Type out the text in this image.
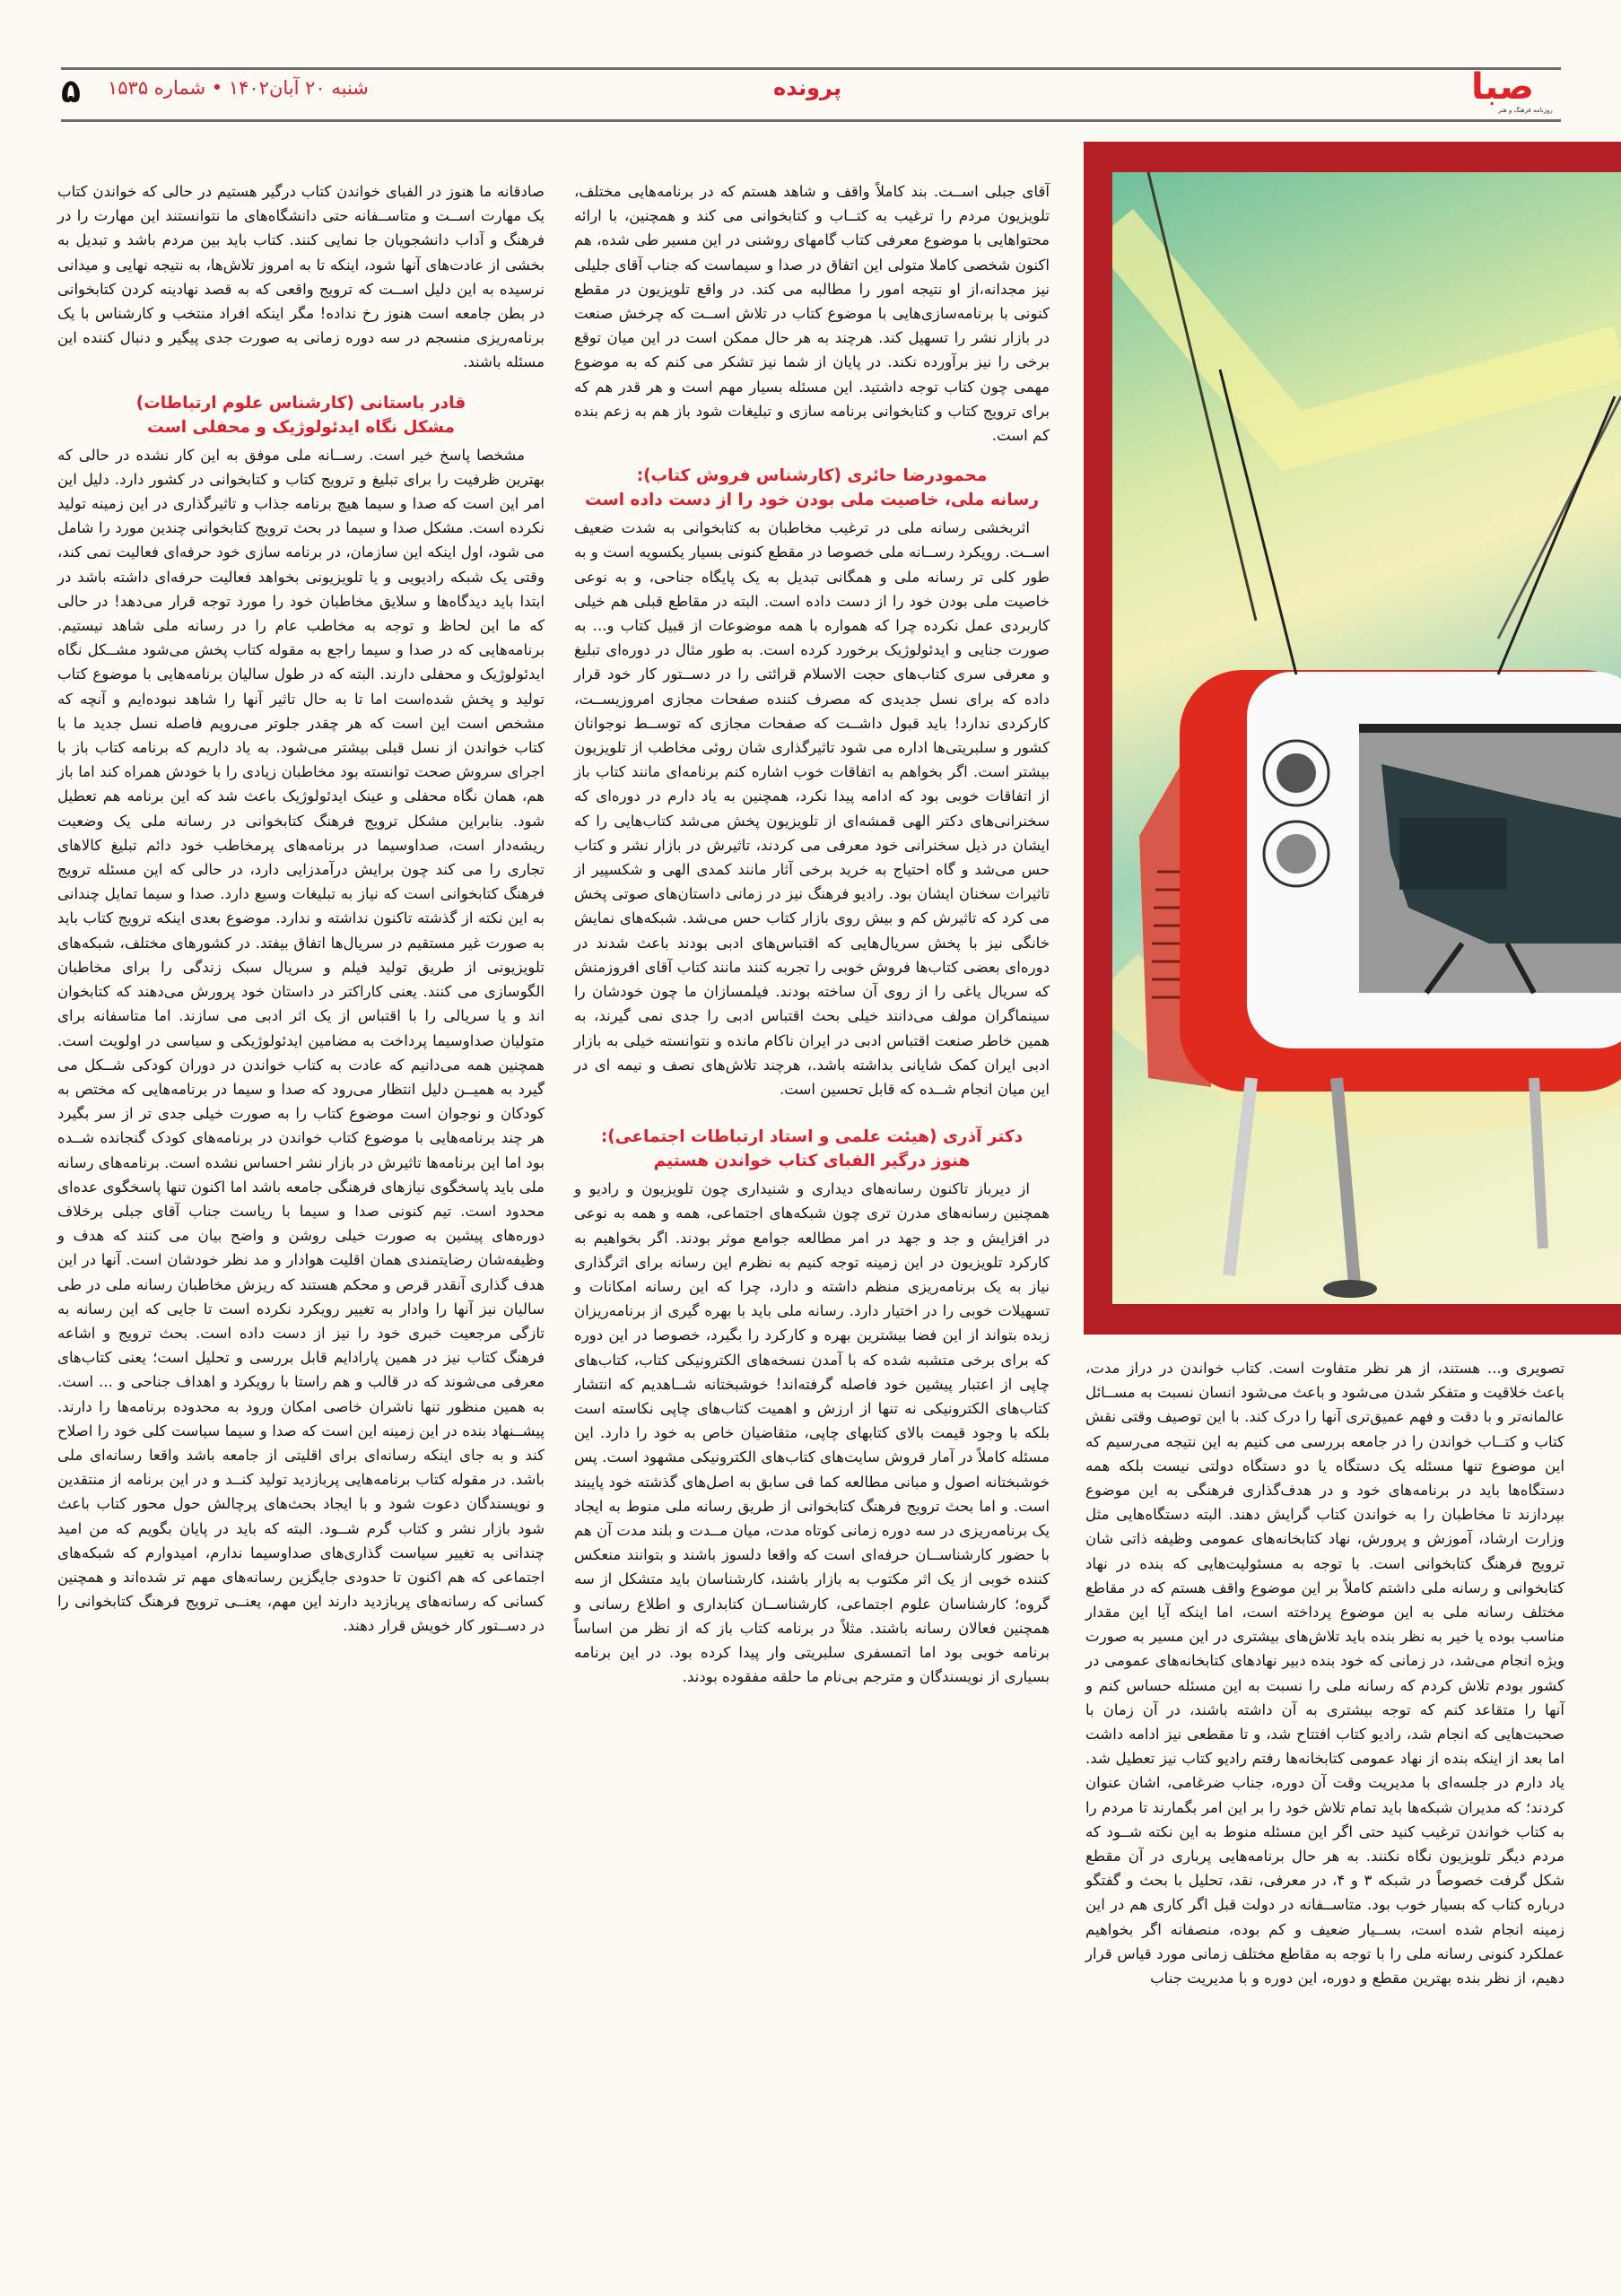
۵ شنبه ۲۰ آبان۱۴۰۲ • شماره ۱۵۳۵	پرونده	صبا
روزنامه فرهنگ و هنر

صادقانه ما هنوز در الفبای خواندن کتاب درگیر هستیم در حالی که خواندن کتاب یک مهارت اســت و متاســفانه حتی دانشگاه‌های ما نتوانستند این مهارت را در فرهنگ و آداب دانشجویان جا نمایی کنند. کتاب باید بین مردم باشد و تبدیل به بخشی از عادت‌های آنها شود، اینکه تا به امروز تلاش‌ها، به نتیجه نهایی و میدانی نرسیده به این دلیل اســت که ترویج واقعی که به قصد نهادینه کردن کتابخوانی در بطن جامعه است هنوز رخ نداده! مگر اینکه افراد منتخب و کارشناس با یک برنامه‌ریزی منسجم در سه دوره زمانی به صورت جدی پیگیر و دنبال کننده این مسئله باشند.

قادر باستانی (کارشناس علوم ارتباطات)
مشکل نگاه ایدئولوژیک و محفلی است

مشخصا پاسخ خیر است. رســانه ملی موفق به این کار نشده در حالی که بهترین ظرفیت را برای تبلیغ و ترویج کتاب و کتابخوانی در کشور دارد. دلیل این امر این است که صدا و سیما هیچ برنامه جذاب و تاثیرگذاری در این زمینه تولید نکرده است. مشکل صدا و سیما در بحث ترویج کتابخوانی چندین مورد را شامل می شود، اول اینکه این سازمان، در برنامه سازی خود حرفه‌ای فعالیت نمی کند، وقتی یک شبکه رادیویی و یا تلویزیونی بخواهد فعالیت حرفه‌ای داشته باشد در ابتدا باید دیدگاه‌ها و سلایق مخاطبان خود را مورد توجه قرار می‌دهد! در حالی که ما این لحاظ و توجه به مخاطب عام را در رسانه ملی شاهد نیستیم. برنامه‌هایی که در صدا و سیما راجع به مقوله کتاب پخش می‌شود مشــکل نگاه ایدئولوژیک و محفلی دارند. البته که در طول سالیان برنامه‌هایی با موضوع کتاب تولید و پخش شده‌است اما تا به حال تاثیر آنها را شاهد نبوده‌ایم و آنچه که مشخص است این است که هر چقدر جلوتر می‌رویم فاصله نسل جدید ما با کتاب خواندن از نسل قبلی بیشتر می‌شود. به یاد داریم که برنامه کتاب باز با اجرای سروش صحت توانسته بود مخاطبان زیادی را با خودش همراه کند اما باز هم، همان نگاه محفلی و عینک ایدئولوژیک باعث شد که این برنامه هم تعطیل شود. بنابراین مشکل ترویج فرهنگ کتابخوانی در رسانه ملی یک وضعیت ریشه‌دار است، صداوسیما در برنامه‌های پرمخاطب خود دائم تبلیغ کالاهای تجاری را می کند چون برایش درآمدزایی دارد، در حالی که این مسئله ترویج فرهنگ کتابخوانی است که نیاز به تبلیغات وسیع دارد. صدا و سیما تمایل چندانی به این نکته از گذشته تاکنون نداشته و ندارد. موضوع بعدی اینکه ترویج کتاب باید به صورت غیر مستقیم در سریال‌ها اتفاق بیفتد. در کشورهای مختلف، شبکه‌های تلویزیونی از طریق تولید فیلم و سریال سبک زندگی را برای مخاطبان الگوسازی می کنند. یعنی کاراکتر در داستان خود پرورش می‌دهند که کتابخوان اند و یا سریالی را با اقتباس از یک اثر ادبی می سازند. اما متاسفانه برای متولیان صداوسیما پرداخت به مضامین ایدئولوژیکی و سیاسی در اولویت است. همچنین همه می‌دانیم که عادت به کتاب خواندن در دوران کودکی شــکل می گیرد به همیــن دلیل انتظار می‌رود که صدا و سیما در برنامه‌هایی که مختص به کودکان و نوجوان است موضوع کتاب را به صورت خیلی جدی تر از سر بگیرد هر چند برنامه‌هایی با موضوع کتاب خواندن در برنامه‌های کودک گنجانده شــده بود اما این برنامه‌ها تاثیرش در بازار نشر احساس نشده است. برنامه‌های رسانه ملی باید پاسخگوی نیازهای فرهنگی جامعه باشد اما اکنون تنها پاسخگوی عده‌ای محدود است. تیم کنونی صدا و سیما با ریاست جناب آقای جبلی برخلاف دوره‌های پیشین به صورت خیلی روشن و واضح بیان می کنند که هدف و وظیفه‌شان رضایتمندی همان اقلیت هوادار و مد نظر خودشان است. آنها در این هدف گذاری آنقدر قرص و محکم هستند که ریزش مخاطبان رسانه ملی در طی سالیان نیز آنها را وادار به تغییر رویکرد نکرده است تا جایی که این رسانه به تازگی مرجعیت خبری خود را نیز از دست داده است. بحث ترویج و اشاعه فرهنگ کتاب نیز در همین پارادایم قابل بررسی و تحلیل است؛ یعنی کتاب‌های معرفی می‌شوند که در قالب و هم راستا با رویکرد و اهداف جناحی و ... است. به همین منظور تنها ناشران خاصی امکان ورود به محدوده برنامه‌ها را دارند. پیشــنهاد بنده در این زمینه این است که صدا و سیما سیاست کلی خود را اصلاح کند و به جای اینکه رسانه‌ای برای اقلیتی از جامعه باشد واقعا رسانه‌ای ملی باشد. در مقوله کتاب برنامه‌هایی پربازدید تولید کنــد و در این برنامه از منتقدین و نویسندگان دعوت شود و با ایجاد بحث‌های پرچالش حول محور کتاب باعث شود بازار نشر و کتاب گرم شــود. البته که باید در پایان بگویم که من امید چندانی به تغییر سیاست گذاری‌های صداوسیما ندارم، امیدوارم که شبکه‌های اجتماعی که هم اکنون تا حدودی جایگزین رسانه‌های مهم تر شده‌اند و همچنین کسانی که رسانه‌های پربازدید دارند این مهم، یعنــی ترویج فرهنگ کتابخوانی را در دســتور کار خویش قرار دهند.

آقای جبلی اســت. بند کاملاً واقف و شاهد هستم که در برنامه‌هایی مختلف، تلویزیون مردم را ترغیب به کتــاب و کتابخوانی می کند و همچنین، با ارائه محتواهایی با موضوع معرفی کتاب گامهای روشنی در این مسیر طی شده، هم اکنون شخصی کاملا متولی این اتفاق در صدا و سیماست که جناب آقای جلیلی نیز مجدانه،از او نتیجه امور را مطالبه می کند. در واقع تلویزیون در مقطع کنونی با برنامه‌سازی‌هایی با موضوع کتاب در تلاش اســت که چرخش صنعت در بازار نشر را تسهیل کند. هرچند به هر حال ممکن است در این میان توقع برخی را نیز برآورده نکند. در پایان از شما نیز تشکر می کنم که به موضوع مهمی چون کتاب توجه داشتید. این مسئله بسیار مهم است و هر قدر هم که برای ترویج کتاب و کتابخوانی برنامه سازی و تبلیغات شود باز هم به زعم بنده کم است.

محمودرضا حائری (کارشناس فروش کتاب):
رسانه ملی، خاصیت ملی بودن خود را از دست داده است

اثربخشی رسانه ملی در ترغیب مخاطبان به کتابخوانی به شدت ضعیف اســت. رویکرد رســانه ملی خصوصا در مقطع کنونی بسیار یکسویه است و به طور کلی تر رسانه ملی و همگانی تبدیل به یک پایگاه جناحی، و به نوعی خاصیت ملی بودن خود را از دست داده است. البته در مقاطع قبلی هم خیلی کاربردی عمل نکرده چرا که همواره با همه موضوعات از قبیل کتاب و... به صورت جنایی و ایدئولوژیک برخورد کرده است. به طور مثال در دوره‌ای تبلیغ و معرفی سری کتاب‌های حجت الاسلام قرائتی را در دســتور کار خود قرار داده که برای نسل جدیدی که مصرف کننده صفحات مجازی امروزیســت، کارکردی ندارد! باید قبول داشــت که صفحات مجازی که توســط نوجوانان کشور و سلبریتی‌ها اداره می شود تاثیرگذاری شان روئی مخاطب از تلویزیون بیشتر است. اگر بخواهم به اتفاقات خوب اشاره کنم برنامه‌ای مانند کتاب باز از اتفاقات خوبی بود که ادامه پیدا نکرد، همچنین به یاد دارم در دوره‌ای که سخنرانی‌های دکتر الهی قمشه‌ای از تلویزیون پخش می‌شد کتاب‌هایی را که ایشان در ذیل سخنرانی خود معرفی می کردند، تاثیرش در بازار نشر و کتاب حس می‌شد و گاه احتیاج به خرید برخی آثار مانند کمدی الهی و شکسپیر از تاثیرات سخنان ایشان بود. رادیو فرهنگ نیز در زمانی داستان‌های صوتی پخش می کرد که تاثیرش کم و بیش روی بازار کتاب حس می‌شد. شبکه‌های نمایش خانگی نیز با پخش سریال‌هایی که اقتباس‌های ادبی بودند باعث شدند در دوره‌ای بعضی کتاب‌ها فروش خوبی را تجربه کنند مانند کتاب آقای افروزمنش که سریال یاغی را از روی آن ساخته بودند. فیلمسازان ما چون خودشان را سینماگران مولف می‌دانند خیلی بحث اقتباس ادبی را جدی نمی گیرند، به همین خاطر صنعت اقتباس ادبی در ایران ناکام مانده و نتوانسته خیلی به بازار ادبی ایران کمک شایانی بداشته باشد.، هرچند تلاش‌های نصف و نیمه ای در این میان انجام شــده که قابل تحسین است.

دکتر آذری (هیئت علمی و استاد ارتباطات اجتماعی):
هنوز درگیر الفبای کتاب خواندن هستیم

از دیرباز تاکنون رسانه‌های دیداری و شنیداری چون تلویزیون و رادیو و همچنین رسانه‌های مدرن تری چون شبکه‌های اجتماعی، همه و همه به نوعی در افزایش و جد و جهد در امر مطالعه جوامع موثر بودند. اگر بخواهیم به کارکرد تلویزیون در این زمینه توجه کنیم به نظرم این رسانه برای اثرگذاری نیاز به یک برنامه‌ریزی منظم داشته و دارد، چرا که این رسانه امکانات و تسهیلات خوبی را در اختیار دارد. رسانه ملی باید با بهره گیری از برنامه‌ریزان زبده بتواند از این فضا بیشترین بهره و کارکرد را بگیرد، خصوصا در این دوره که برای برخی متشبه شده که با آمدن نسخه‌های الکترونیکی کتاب، کتاب‌های چاپی از اعتبار پیشین خود فاصله گرفته‌اند! خوشبختانه شــاهدیم که انتشار کتاب‌های الکترونیکی نه تنها از ارزش و اهمیت کتاب‌های چاپی نکاسته است بلکه با وجود قیمت بالای کتابهای چاپی، متقاضیان خاص به خود را دارد. این مسئله کاملاً در آمار فروش سایت‌های کتاب‌های الکترونیکی مشهود است. پس خوشبختانه اصول و مبانی مطالعه کما فی سابق به اصل‌های گذشته خود پایبند است. و اما بحث ترویج فرهنگ کتابخوانی از طریق رسانه ملی منوط به ایجاد یک برنامه‌ریزی در سه دوره زمانی کوتاه مدت، میان مــدت و بلند مدت آن هم با حضور کارشناســان حرفه‌ای است که واقعا دلسوز باشند و بتوانند منعکس کننده خوبی از یک اثر مکتوب به بازار باشند، کارشناسان باید متشکل از سه گروه؛ کارشناسان علوم اجتماعی، کارشناســان کتابداری و اطلاع رسانی و همچنین فعالان رسانه باشند. مثلاً در برنامه کتاب باز که از نظر من اساساً برنامه خوبی بود اما اتمسفری سلبریتی وار پیدا کرده بود. در این برنامه بسیاری از نویسندگان و مترجم بی‌نام ما حلقه مفقوده بودند.

تصویری و... هستند، از هر نظر متفاوت است. کتاب خواندن در دراز مدت، باعث خلاقیت و متفکر شدن می‌شود و باعث می‌شود انسان نسبت به مســائل عالمانه‌تر و با دقت و فهم عمیق‌تری آنها را درک کند. با این توصیف وقتی نقش کتاب و کتــاب خواندن را در جامعه بررسی می کنیم به این نتیجه می‌رسیم که این موضوع تنها مسئله یک دستگاه یا دو دستگاه دولتی نیست بلکه همه دستگاه‌ها باید در برنامه‌های خود و در هدف‌گذاری فرهنگی به این موضوع بپردازند تا مخاطبان را به خواندن کتاب گرایش دهند. البته دستگاه‌هایی مثل وزارت ارشاد، آموزش و پرورش، نهاد کتابخانه‌های عمومی وظیفه ذاتی شان ترویج فرهنگ کتابخوانی است. با توجه به مسئولیت‌هایی که بنده در نهاد کتابخوانی و رسانه ملی داشتم کاملاً بر این موضوع واقف هستم که در مقاطع مختلف رسانه ملی به این موضوع پرداخته است، اما اینکه آیا این مقدار مناسب بوده یا خیر به نظر بنده باید تلاش‌های بیشتری در این مسیر به صورت ویژه انجام می‌شد، در زمانی که خود بنده دبیر نهادهای کتابخانه‌های عمومی در کشور بودم تلاش کردم که رسانه ملی را نسبت به این مسئله حساس کنم و آنها را متقاعد کنم که توجه بیشتری به آن داشته باشند، در آن زمان با صحبت‌هایی که انجام شد، رادیو کتاب افتتاح شد، و تا مقطعی نیز ادامه داشت اما بعد از اینکه بنده از نهاد عمومی کتابخانه‌ها رفتم رادیو کتاب نیز تعطیل شد. یاد دارم در جلسه‌ای با مدیریت وقت آن دوره، جناب ضرغامی، اشان عنوان کردند؛ که مدیران شبکه‌ها باید تمام تلاش خود را بر این امر بگمارند تا مردم را به کتاب خواندن ترغیب کنید حتی اگر این مسئله منوط به این نکته شــود که مردم دیگر تلویزیون نگاه نکنند. به هر حال برنامه‌هایی پرباری در آن مقطع شکل گرفت خصوصاً در شبکه ۳ و ۴، در معرفی، نقد، تحلیل با بحث و گفتگو درباره کتاب که بسیار خوب بود. متاســفانه در دولت قبل اگر کاری هم در این زمینه انجام شده است، بســیار ضعیف و کم بوده، منصفانه اگر بخواهیم عملکرد کنونی رسانه ملی را با توجه به مقاطع مختلف زمانی مورد قیاس قرار دهیم، از نظر بنده بهترین مقطع و دوره، این دوره و با مدیریت جناب
